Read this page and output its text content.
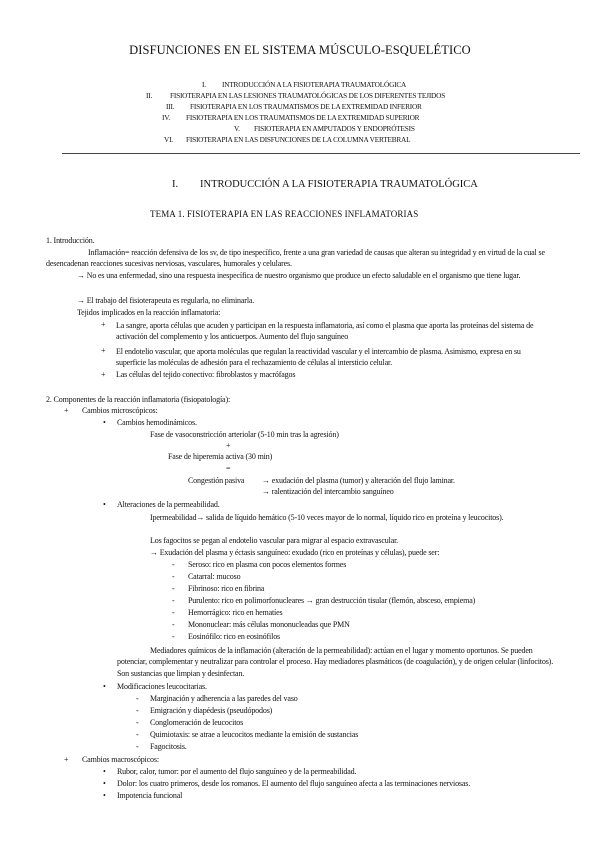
DISFUNCIONES EN EL SISTEMA MÚSCULO-ESQUELÉTICO
I. INTRODUCCIÓN A LA FISIOTERAPIA TRAUMATOLÓGICA
II. FISIOTERAPIA EN LAS LESIONES TRAUMATOLÓGICAS DE LOS DIFERENTES TEJIDOS
III. FISIOTERAPIA EN LOS TRAUMATISMOS DE LA EXTREMIDAD INFERIOR
IV. FISIOTERAPIA EN LOS TRAUMATISMOS DE LA EXTREMIDAD SUPERIOR
V. FISIOTERAPIA EN AMPUTADOS Y ENDOPRÓTESIS
VI. FISIOTERAPIA EN LAS DISFUNCIONES DE LA COLUMNA VERTEBRAL
I. INTRODUCCIÓN A LA FISIOTERAPIA TRAUMATOLÓGICA
TEMA 1. FISIOTERAPIA EN LAS REACCIONES INFLAMATORIAS
1. Introducción.
Inflamación= reacción defensiva de los sv, de tipo inespecífico, frente a una gran variedad de causas que alteran su integridad y en virtud de la cual se desencadenan reacciones sucesivas nerviosas, vasculares, humorales y celulares.
→ No es una enfermedad, sino una respuesta inespecífica de nuestro organismo que produce un efecto saludable en el organismo que tiene lugar.
→ El trabajo del fisioterapeuta es regularla, no eliminarla.
Tejidos implicados en la reacción inflamatoria:
+ La sangre, aporta células que acuden y participan en la respuesta inflamatoria, así como el plasma que aporta las proteínas del sistema de activación del complemento y los anticuerpos. Aumento del flujo sanguíneo
+ El endotelio vascular, que aporta moléculas que regulan la reactividad vascular y el intercambio de plasma. Asimismo, expresa en su superficie las moléculas de adhesión para el rechazamiento de células al intersticio celular.
+ Las células del tejido conectivo: fibroblastos y macrófagos
2. Componentes de la reacción inflamatoria (fisiopatología):
+ Cambios microscópicos:
• Cambios hemodinámicos.
Fase de vasoconstricción arteriolar (5-10 min tras la agresión)
+
Fase de hiperemia activa (30 min)
=
Congestión pasiva → exudación del plasma (tumor) y alteración del flujo laminar.
→ ralentización del intercambio sanguíneo
• Alteraciones de la permeabilidad.
Ipermeabilidad→ salida de líquido hemático (5-10 veces mayor de lo normal, líquido rico en proteína y leucocitos).
Los fagocitos se pegan al endotelio vascular para migrar al espacio extravascular.
→ Exudación del plasma y éctasis sanguíneo: exudado (rico en proteínas y células), puede ser:
- Seroso: rico en plasma con pocos elementos formes
- Catarral: mucoso
- Fibrinoso: rico en fibrina
- Purulento: rico en polimorfonucleares → gran destrucción tisular (flemón, absceso, empiema)
- Hemorrágico: rico en hematíes
- Mononuclear: más células mononucleadas que PMN
- Eosinófilo: rico en eosinófilos
Mediadores químicos de la inflamación (alteración de la permeabilidad): actúan en el lugar y momento oportunos. Se pueden potenciar, complementar y neutralizar para controlar el proceso. Hay mediadores plasmáticos (de coagulación), y de origen celular (linfocitos). Son sustancias que limpian y desinfectan.
• Modificaciones leucocitarias.
- Marginación y adherencia a las paredes del vaso
- Emigración y diapédesis (pseudópodos)
- Conglomeración de leucocitos
- Quimiotaxis: se atrae a leucocitos mediante la emisión de sustancias
- Fagocitosis.
+ Cambios macroscópicos:
• Rubor, calor, tumor: por el aumento del flujo sanguíneo y de la permeabilidad.
• Dolor: los cuatro primeros, desde los romanos. El aumento del flujo sanguíneo afecta a las terminaciones nerviosas.
• Impotencia funcional
